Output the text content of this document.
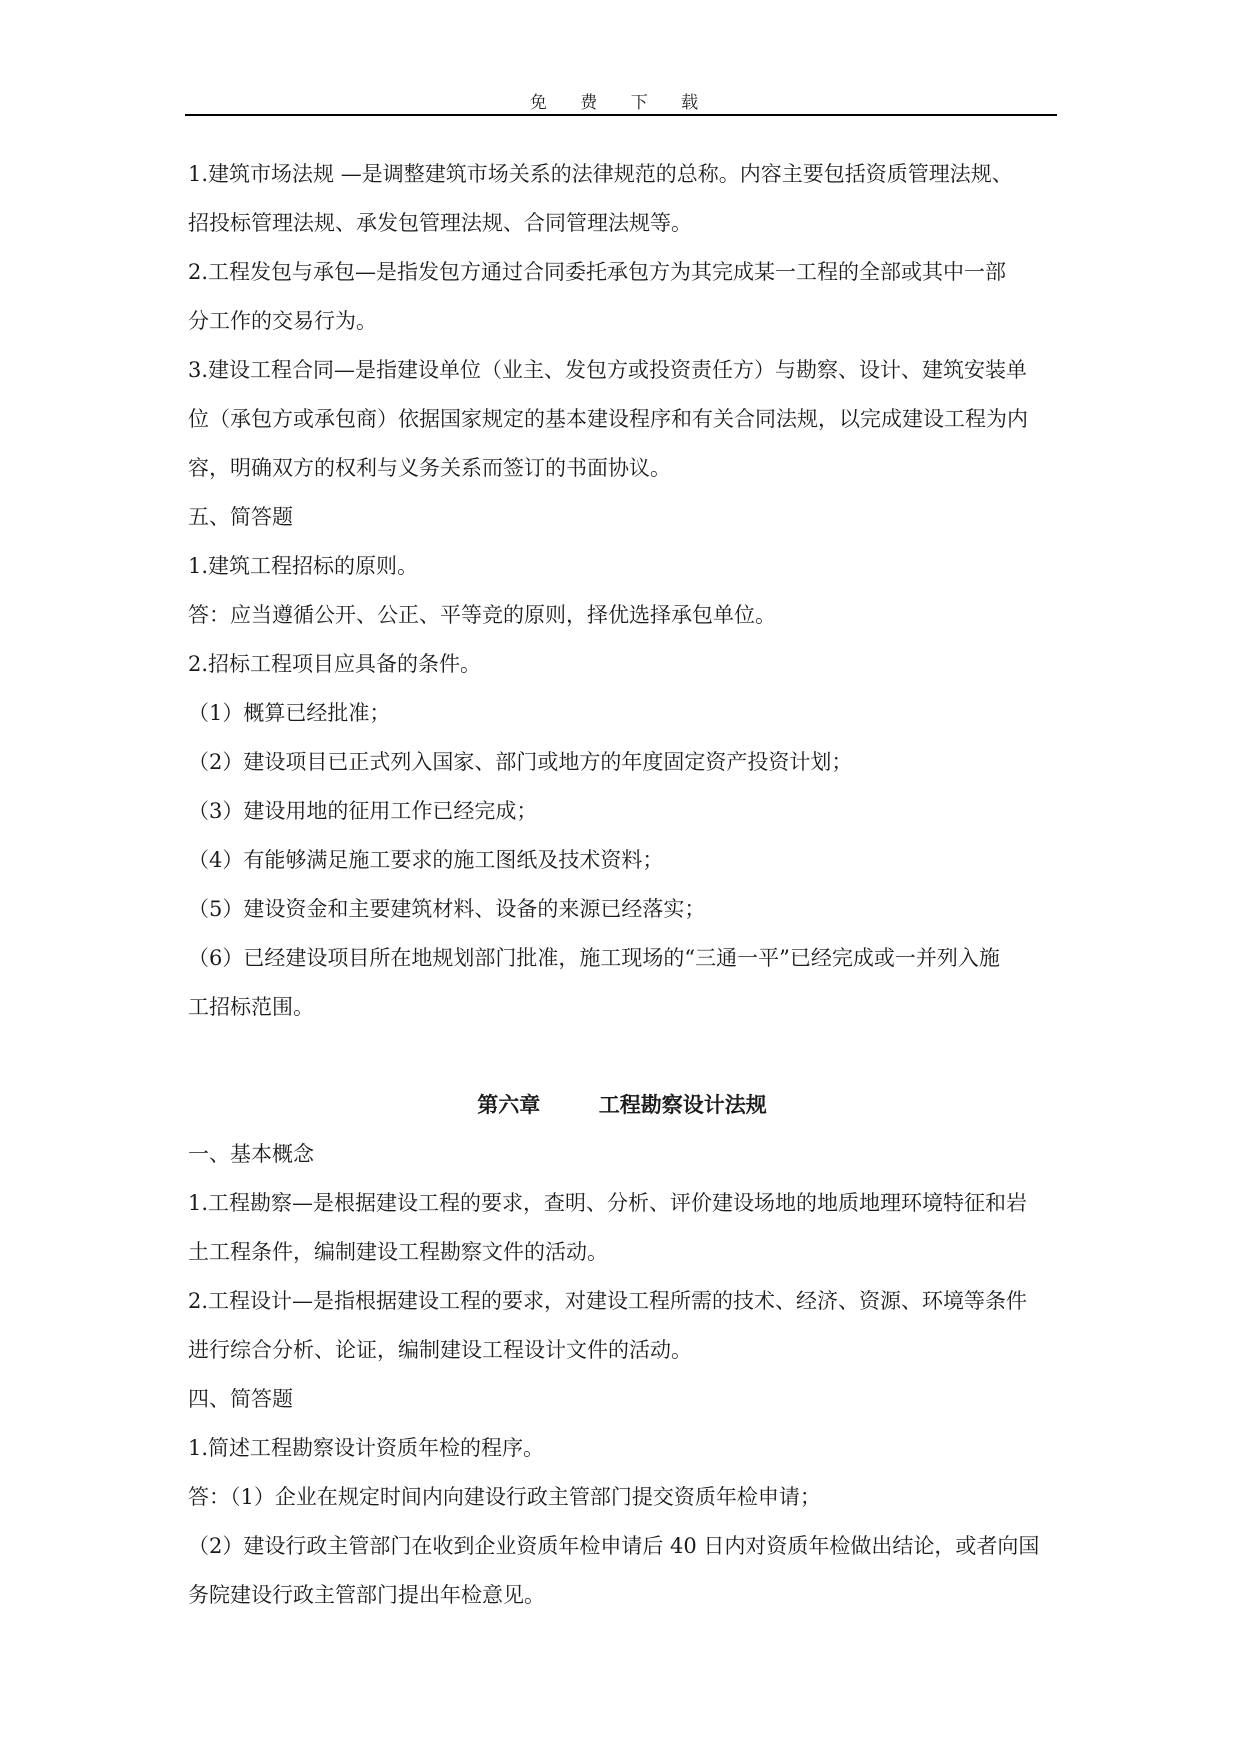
免 费 下 载
1.建筑市场法规 —是调整建筑市场关系的法律规范的总称。内容主要包括资质管理法规、
招投标管理法规、承发包管理法规、合同管理法规等。
2.工程发包与承包—是指发包方通过合同委托承包方为其完成某一工程的全部或其中一部
分工作的交易行为。
3.建设工程合同—是指建设单位（业主、发包方或投资责任方）与勘察、设计、建筑安装单
位（承包方或承包商）依据国家规定的基本建设程序和有关合同法规，以完成建设工程为内
容，明确双方的权利与义务关系而签订的书面协议。
五、简答题
1.建筑工程招标的原则。
答：应当遵循公开、公正、平等竞的原则，择优选择承包单位。
2.招标工程项目应具备的条件。
（1）概算已经批准；
（2）建设项目已正式列入国家、部门或地方的年度固定资产投资计划；
（3）建设用地的征用工作已经完成；
（4）有能够满足施工要求的施工图纸及技术资料；
（5）建设资金和主要建筑材料、设备的来源已经落实；
（6）已经建设项目所在地规划部门批准，施工现场的“三通一平”已经完成或一并列入施
工招标范围。
第六章        工程勘察设计法规
一、基本概念
1.工程勘察—是根据建设工程的要求，查明、分析、评价建设场地的地质地理环境特征和岩
土工程条件，编制建设工程勘察文件的活动。
2.工程设计—是指根据建设工程的要求，对建设工程所需的技术、经济、资源、环境等条件
进行综合分析、论证，编制建设工程设计文件的活动。
四、简答题
1.简述工程勘察设计资质年检的程序。
答：（1）企业在规定时间内向建设行政主管部门提交资质年检申请；
（2）建设行政主管部门在收到企业资质年检申请后 40 日内对资质年检做出结论，或者向国
务院建设行政主管部门提出年检意见。
